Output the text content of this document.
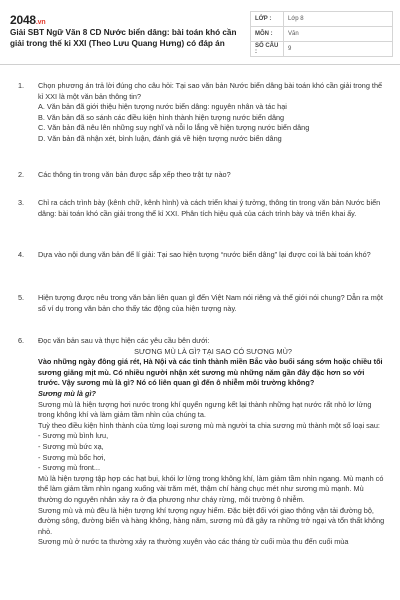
2048.vn
Giải SBT Ngữ Văn 8 CD Nước biển dâng: bài toán khó cần giải trong thế kỉ XXI (Theo Lưu Quang Hưng) có đáp án
LỚP :	Lớp 8
MÔN :	Văn
SỐ CÂU :	9
1.	Chọn phương án trả lời đúng cho câu hỏi: Tại sao văn bản Nước biển dâng bài toán khó cần giải trong thế kỉ XXI là một văn bản thông tin?
A. Văn bản đã giới thiệu hiện tượng nước biển dâng: nguyên nhân và tác hại
B. Văn bản đã so sánh các điều kiện hình thành hiện tượng nước biển dâng
C. Văn bản đã nêu lên những suy nghĩ và nỗi lo lắng về hiện tượng nước biển dâng
D. Văn bản đã nhận xét, bình luận, đánh giá về hiện tượng nước biển dâng
2.	Các thông tin trong văn bản được sắp xếp theo trật tự nào?
3.	Chỉ ra cách trình bày (kênh chữ, kênh hình) và cách triển khai ý tưởng, thông tin trong văn bản Nước biển dâng: bài toán khó cần giải trong thế kỉ XXI. Phân tích hiệu quả của cách trình bày và triển khai ấy.
4.	Dựa vào nội dung văn bản để lí giải: Tại sao hiện tượng “nước biển dâng” lại được coi là bài toán khó?
5.	Hiện tượng được nêu trong văn bản liên quan gì đến Việt Nam nói riêng và thế giới nói chung? Dẫn ra một số ví dụ trong văn bản cho thấy tác động của hiện tượng này.
6.	Đọc văn bản sau và thực hiện các yêu cầu bên dưới:
SƯƠNG MÙ LÀ GÌ? TẠI SAO CÓ SƯƠNG MÙ?
Vào những ngày đông giá rét, Hà Nội và các tỉnh thành miền Bắc vào buổi sáng sớm hoặc chiều tối sương giăng mịt mù. Có nhiều người nhận xét sương mù những năm gần đây đặc hơn so với trước. Vậy sương mù là gì? Nó có liên quan gì đến ô nhiễm môi trường không?
Sương mù là gì?
Sương mù là hiện tượng hơi nước trong khí quyển ngưng kết lại thành những hạt nước rất nhỏ lơ lửng trong không khí và làm giảm tầm nhìn của chúng ta.
Tuỳ theo điều kiện hình thành của từng loại sương mù mà người ta chia sương mù thành một số loại sau:
- Sương mù bình lưu,
- Sương mù bức xạ,
- Sương mù bốc hơi,
- Sương mù front...
Mù là hiện tượng tập hợp các hạt bụi, khói lơ lửng trong không khí, làm giảm tầm nhìn ngang. Mù mạnh có thể làm giảm tầm nhìn ngang xuống vài trăm mét, thậm chí hàng chục mét như sương mù mạnh. Mù thường do nguyên nhân xảy ra ở địa phương như cháy rừng, môi trường ô nhiễm.
Sương mù và mù đều là hiện tượng khí tượng nguy hiểm. Đặc biệt đối với giao thông vận tải đường bộ, đường sông, đường biển và hàng không, hàng năm, sương mù đã gây ra những trở ngại và tổn thất không nhỏ.
Sương mù ở nước ta thường xảy ra thường xuyên vào các tháng từ cuối mùa thu đến cuối mùa
